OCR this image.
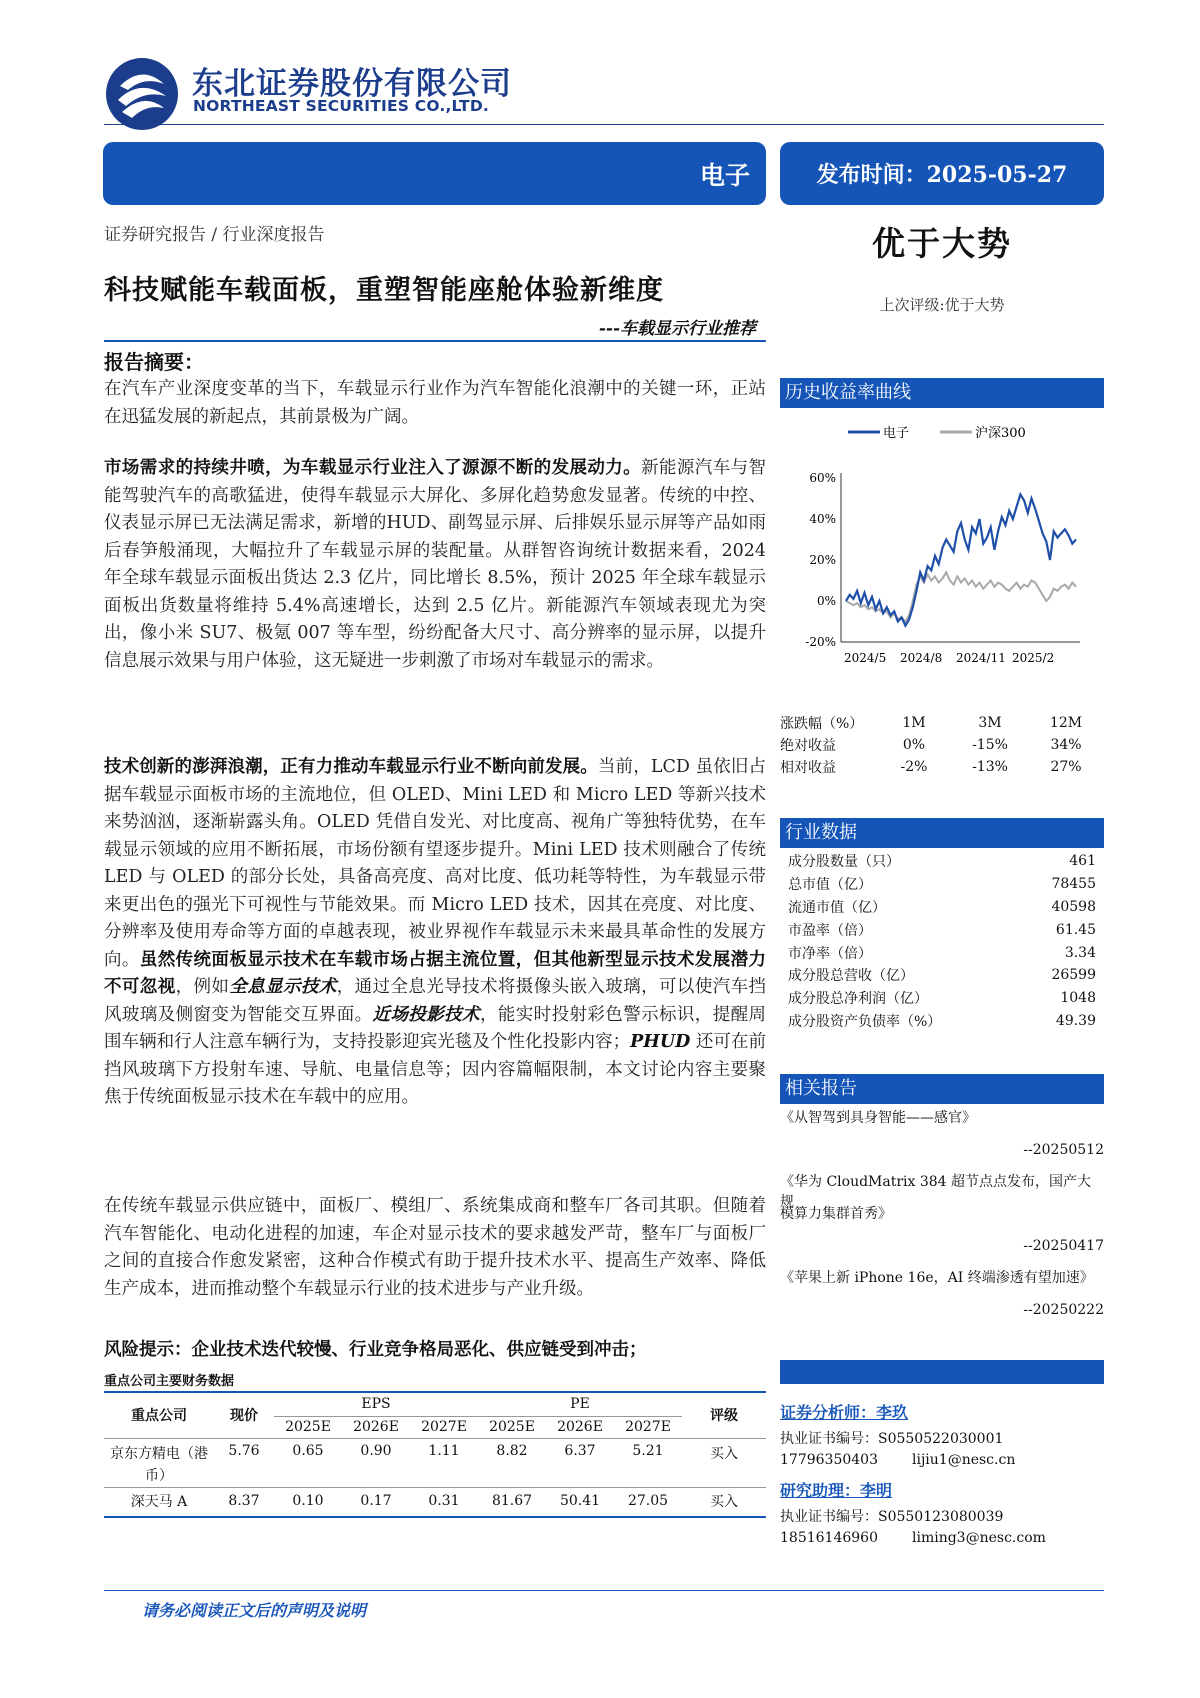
东北证券股份有限公司
NORTHEAST SECURITIES CO.,LTD.
电子	发布时间：2025-05-27
证券研究报告 / 行业深度报告
科技赋能车载面板，重塑智能座舱体验新维度
---车载显示行业推荐
报告摘要：
在汽车产业深度变革的当下，车载显示行业作为汽车智能化浪潮中的关键一环，正站在迅猛发展的新起点，其前景极为广阔。
市场需求的持续井喷，为车载显示行业注入了源源不断的发展动力。新能源汽车与智能驾驶汽车的高歌猛进，使得车载显示大屏化、多屏化趋势愈发显著。传统的中控、仪表显示屏已无法满足需求，新增的HUD、副驾显示屏、后排娱乐显示屏等产品如雨后春笋般涌现，大幅拉升了车载显示屏的装配量。从群智咨询统计数据来看，2024 年全球车载显示面板出货达 2.3 亿片，同比增长 8.5%，预计 2025 年全球车载显示面板出货数量将维持 5.4%高速增长，达到 2.5 亿片。新能源汽车领域表现尤为突出，像小米 SU7、极氪 007 等车型，纷纷配备大尺寸、高分辨率的显示屏，以提升信息展示效果与用户体验，这无疑进一步刺激了市场对车载显示的需求。
技术创新的澎湃浪潮，正有力推动车载显示行业不断向前发展。当前，LCD 虽依旧占据车载显示面板市场的主流地位，但 OLED、Mini LED 和 Micro LED 等新兴技术来势汹汹，逐渐崭露头角。OLED 凭借自发光、对比度高、视角广等独特优势，在车载显示领域的应用不断拓展，市场份额有望逐步提升。Mini LED 技术则融合了传统 LED 与 OLED 的部分长处，具备高亮度、高对比度、低功耗等特性，为车载显示带来更出色的强光下可视性与节能效果。而 Micro LED 技术，因其在亮度、对比度、分辨率及使用寿命等方面的卓越表现，被业界视作车载显示未来最具革命性的发展方向。虽然传统面板显示技术在车载市场占据主流位置，但其他新型显示技术发展潜力不可忽视，例如全息显示技术，通过全息光导技术将摄像头嵌入玻璃，可以使汽车挡风玻璃及侧窗变为智能交互界面。近场投影技术，能实时投射彩色警示标识，提醒周围车辆和行人注意车辆行为，支持投影迎宾光毯及个性化投影内容；PHUD 还可在前挡风玻璃下方投射车速、导航、电量信息等；因内容篇幅限制，本文讨论内容主要聚焦于传统面板显示技术在车载中的应用。
在传统车载显示供应链中，面板厂、模组厂、系统集成商和整车厂各司其职。但随着汽车智能化、电动化进程的加速，车企对显示技术的要求越发严苛，整车厂与面板厂之间的直接合作愈发紧密，这种合作模式有助于提升技术水平、提高生产效率、降低生产成本，进而推动整个车载显示行业的技术进步与产业升级。
风险提示：企业技术迭代较慢、行业竞争格局恶化、供应链受到冲击；
重点公司主要财务数据
重点公司	现价	EPS			PE			评级
		2025E	2026E	2027E	2025E	2026E	2027E	
京东方精电（港币）	5.76	0.65	0.90	1.11	8.82	6.37	5.21	买入
深天马 A	8.37	0.10	0.17	0.31	81.67	50.41	27.05	买入
优于大势
上次评级:优于大势
历史收益率曲线
电子	沪深300
60%
40%
20%
0%
-20%
2024/5 2024/8 2024/11 2025/2
涨跌幅（%）	1M	3M	12M
绝对收益	0%	-15%	34%
相对收益	-2%	-13%	27%
行业数据
成分股数量（只）	461
总市值（亿）	78455
流通市值（亿）	40598
市盈率（倍）	61.45
市净率（倍）	3.34
成分股总营收（亿）	26599
成分股总净利润（亿）	1048
成分股资产负债率（%）	49.39
相关报告
《从智驾到具身智能——感官》
--20250512
《华为 CloudMatrix 384 超节点点发布，国产大规
模算力集群首秀》
--20250417
《苹果上新 iPhone 16e，AI 终端渗透有望加速》
--20250222
证券分析师：李玖
执业证书编号：S0550522030001
17796350403 lijiu1@nesc.cn
研究助理：李明
执业证书编号：S0550123080039
18516146960 liming3@nesc.com
请务必阅读正文后的声明及说明
